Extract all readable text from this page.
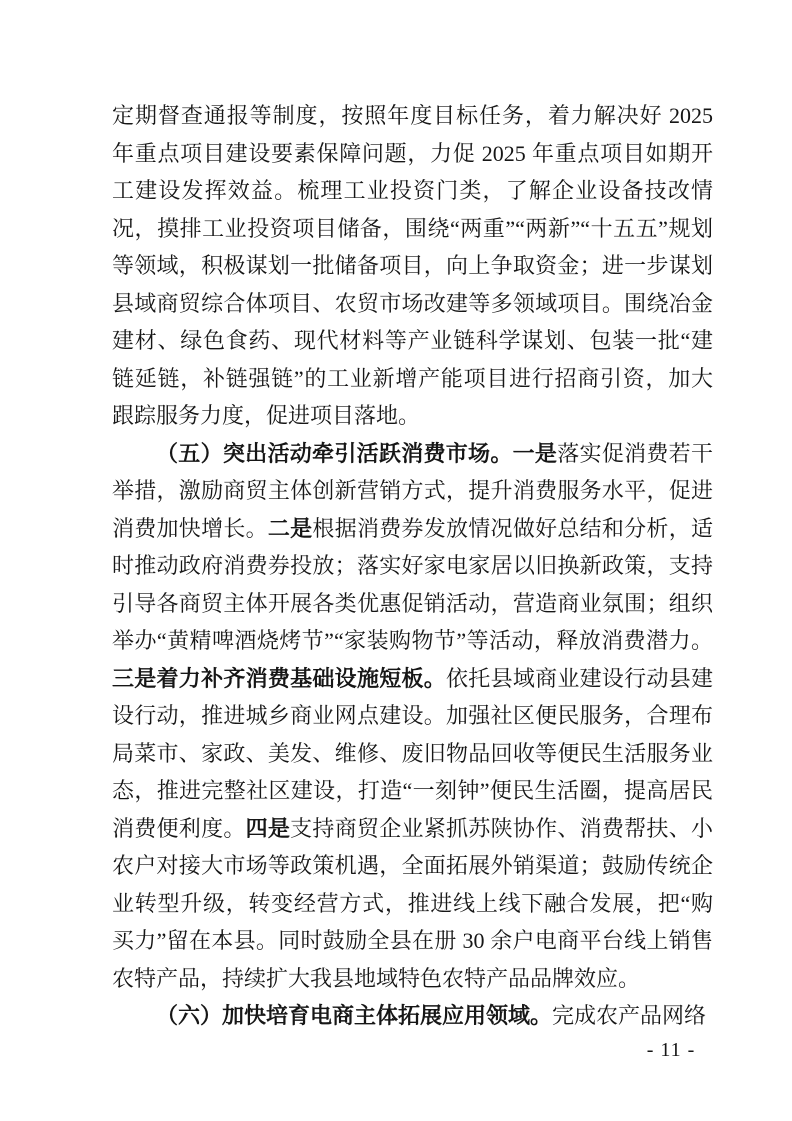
定期督查通报等制度，按照年度目标任务，着力解决好 2025 年重点项目建设要素保障问题，力促 2025 年重点项目如期开工建设发挥效益。梳理工业投资门类，了解企业设备技改情况，摸排工业投资项目储备，围绕“两重”“两新”“十五五”规划等领域，积极谋划一批储备项目，向上争取资金；进一步谋划县域商贸综合体项目、农贸市场改建等多领域项目。围绕冶金建材、绿色食药、现代材料等产业链科学谋划、包装一批“建链延链，补链强链”的工业新增产能项目进行招商引资，加大跟踪服务力度，促进项目落地。

（五）突出活动牵引活跃消费市场。一是落实促消费若干举措，激励商贸主体创新营销方式，提升消费服务水平，促进消费加快增长。二是根据消费券发放情况做好总结和分析，适时推动政府消费券投放；落实好家电家居以旧换新政策，支持引导各商贸主体开展各类优惠促销活动，营造商业氛围；组织举办“黄精啤酒烧烤节”“家装购物节”等活动，释放消费潜力。三是着力补齐消费基础设施短板。依托县域商业建设行动县建设行动，推进城乡商业网点建设。加强社区便民服务，合理布局菜市、家政、美发、维修、废旧物品回收等便民生活服务业态，推进完整社区建设，打造“一刻钟”便民生活圈，提高居民消费便利度。四是支持商贸企业紧抓苏陕协作、消费帮扶、小农户对接大市场等政策机遇，全面拓展外销渠道；鼓励传统企业转型升级，转变经营方式，推进线上线下融合发展，把“购买力”留在本县。同时鼓励全县在册 30 余户电商平台线上销售农特产品，持续扩大我县地域特色农特产品品牌效应。

（六）加快培育电商主体拓展应用领域。完成农产品网络

- 11 -
